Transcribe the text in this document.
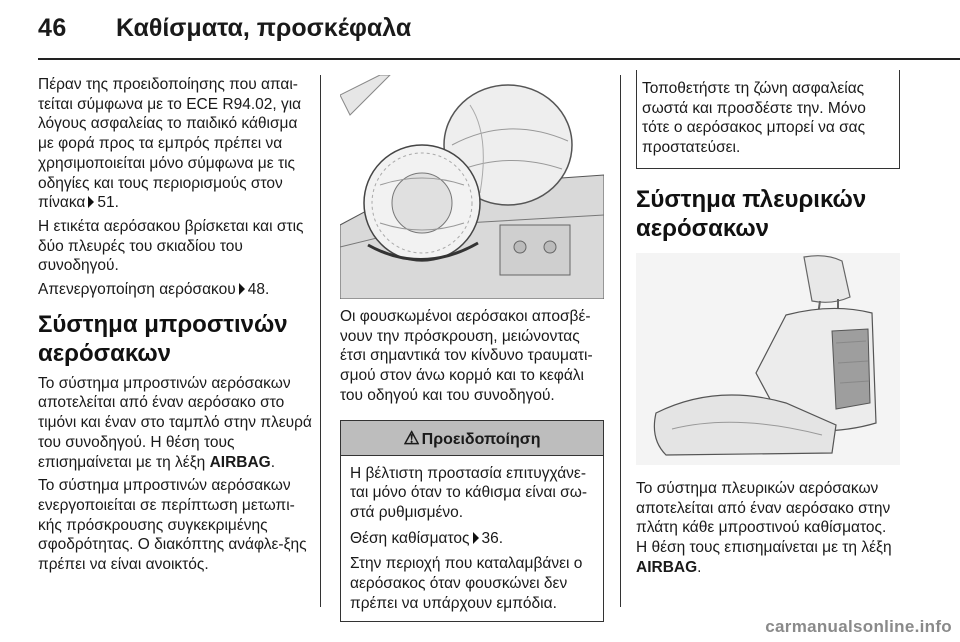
46 Καθίσματα, προσκέφαλα

Πέραν της προειδοποίησης που απαι-τείται σύμφωνα με το ECE R94.02, για λόγους ασφαλείας το παιδικό κάθισμα με φορά προς τα εμπρός πρέπει να χρησιμοποιείται μόνο σύμφωνα με τις οδηγίες και τους περιορισμούς στον πίνακα 51.

Η ετικέτα αερόσακου βρίσκεται και στις δύο πλευρές του σκιαδίου του συνοδηγού.

Απενεργοποίηση αερόσακου 48.

Σύστημα μπροστινών αερόσακων

Το σύστημα μπροστινών αερόσακων αποτελείται από έναν αερόσακο στο τιμόνι και έναν στο ταμπλό στην πλευρά του συνοδηγού. Η θέση τους επισημαίνεται με τη λέξη AIRBAG.

Το σύστημα μπροστινών αερόσακων ενεργοποιείται σε περίπτωση μετωπι-κής πρόσκρουσης συγκεκριμένης σφοδρότητας. Ο διακόπτης ανάφλε-ξης πρέπει να είναι ανοικτός.

Οι φουσκωμένοι αερόσακοι αποσβέ-νουν την πρόσκρουση, μειώνοντας έτσι σημαντικά τον κίνδυνο τραυματι-σμού στον άνω κορμό και το κεφάλι του οδηγού και του συνοδηγού.

⚠ Προειδοποίηση

Η βέλτιστη προστασία επιτυγχάνε-ται μόνο όταν το κάθισμα είναι σω-στά ρυθμισμένο.

Θέση καθίσματος 36.

Στην περιοχή που καταλαμβάνει ο αερόσακος όταν φουσκώνει δεν πρέπει να υπάρχουν εμπόδια.

Τοποθετήστε τη ζώνη ασφαλείας σωστά και προσδέστε την. Μόνο τότε ο αερόσακος μπορεί να σας προστατεύσει.
Σύστημα πλευρικών αερόσακων

Το σύστημα πλευρικών αερόσακων αποτελείται από έναν αερόσακο στην πλάτη κάθε μπροστινού καθίσματος. Η θέση τους επισημαίνεται με τη λέξη AIRBAG.

carmanualsonline.info
